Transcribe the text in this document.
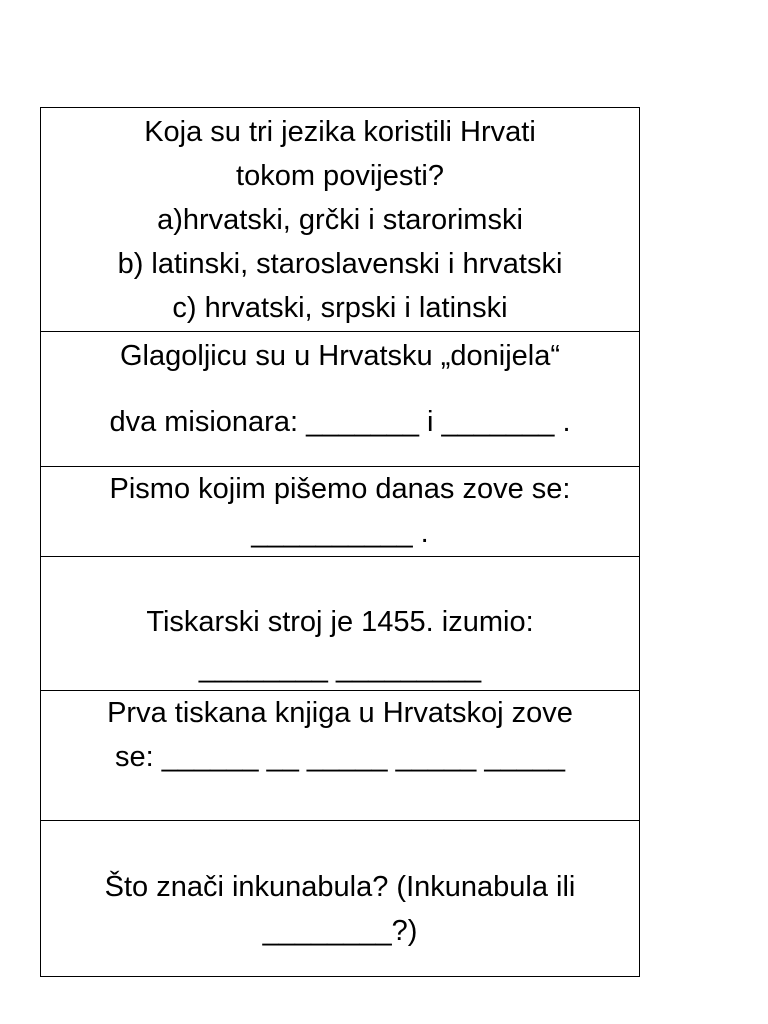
Koja su tri jezika koristili Hrvati

tokom povijesti?

a)hrvatski, grčki i starorimski

b) latinski, staroslavenski i hrvatski

c) hrvatski, srpski i latinski

Glagoljicu su u Hrvatsku „donijela“

dva misionara: _______ i _______ .

Pismo kojim pišemo danas zove se:

__________ .

Tiskarski stroj je 1455. izumio:

________ _________

Prva tiskana knjiga u Hrvatskoj zove

se: ______ __ _____ _____ _____

Što znači inkunabula? (Inkunabula ili

________?)
